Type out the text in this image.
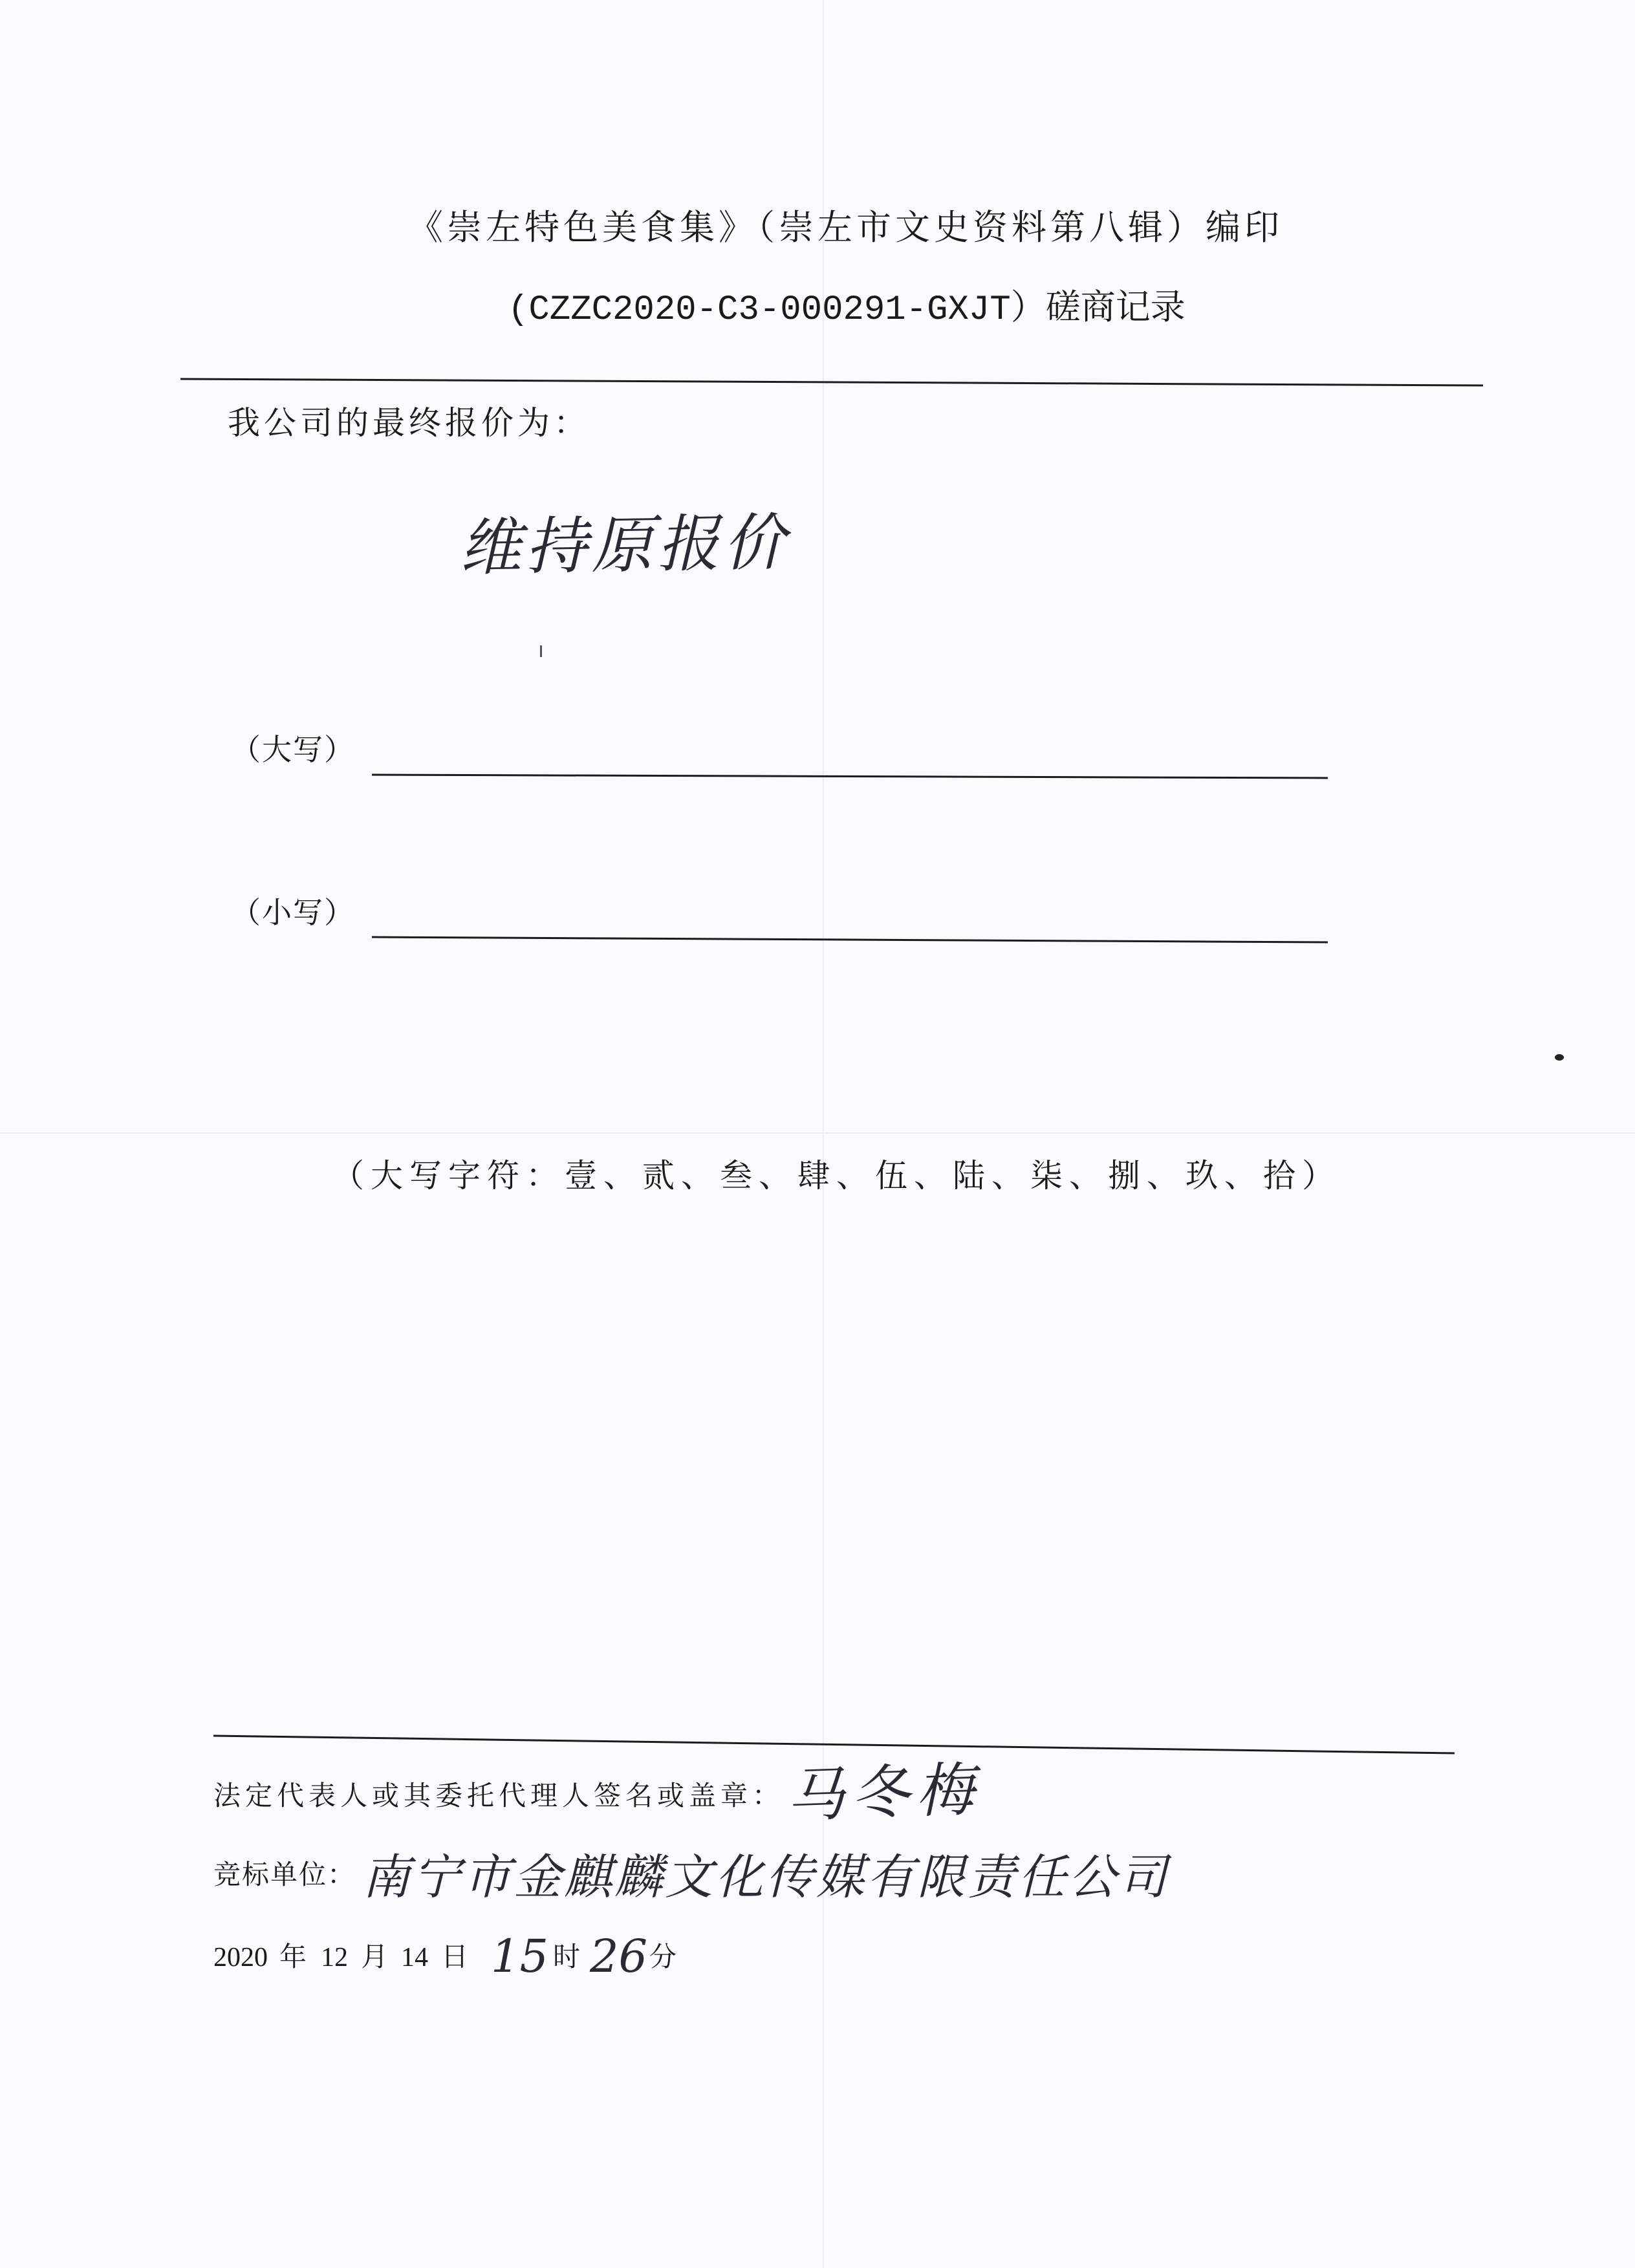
《崇左特色美食集》（崇左市文史资料第八辑）编印
(CZZC2020-C3-000291-GXJT）磋商记录
我公司的最终报价为：
维持原报价
（大写）
（小写）
（大写字符：壹、贰、叁、肆、伍、陆、柒、捌、玖、拾）
法定代表人或其委托代理人签名或盖章： 马冬梅
竞标单位： 南宁市金麒麟文化传媒有限责任公司
2020 年 12 月 14 日 15 时 26 分
